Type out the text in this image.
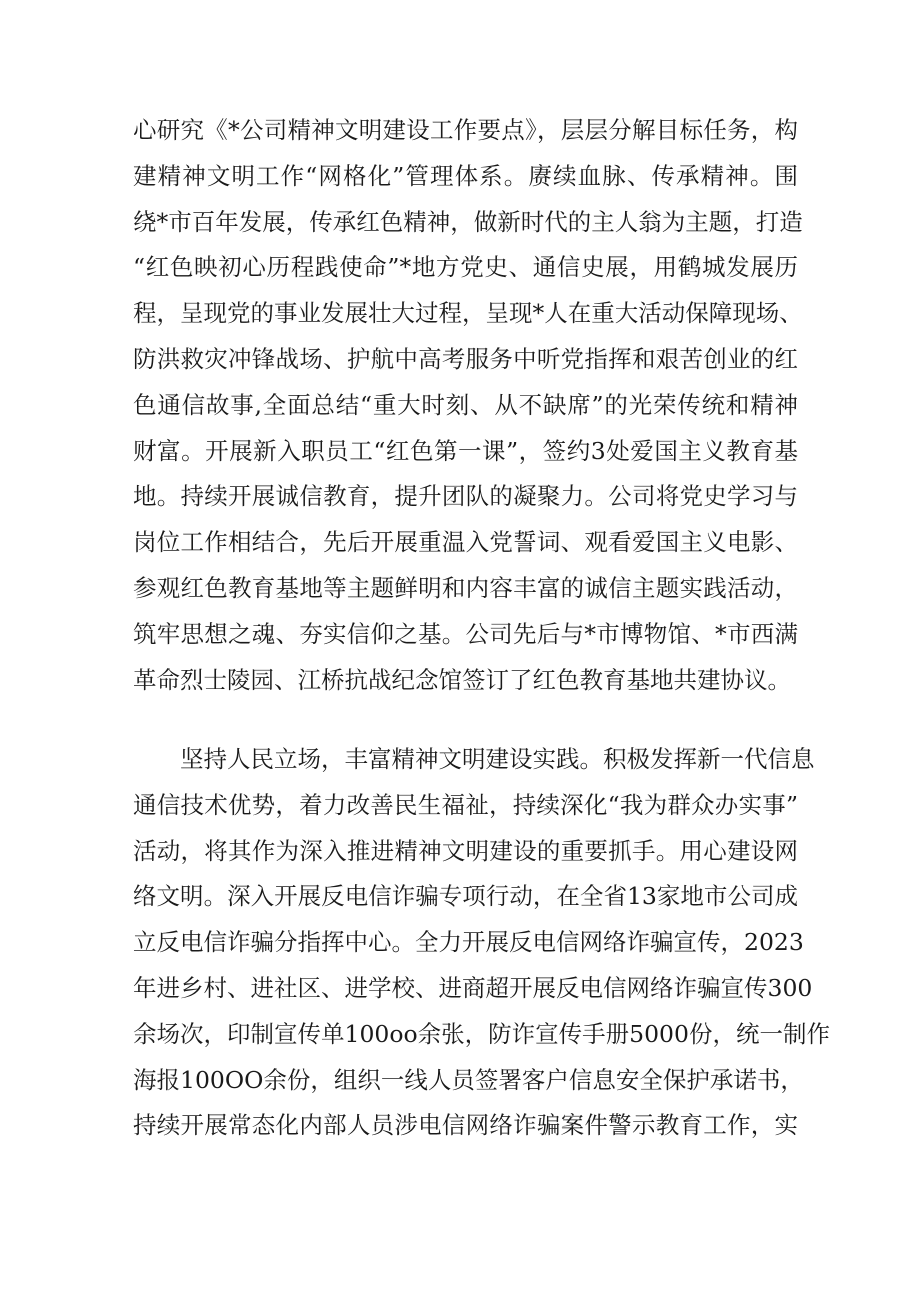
心研究《*公司精神文明建设工作要点》，层层分解目标任务，构
建精神文明工作“网格化”管理体系。赓续血脉、传承精神。围
绕*市百年发展，传承红色精神，做新时代的主人翁为主题，打造
“红色映初心历程践使命”*地方党史、通信史展，用鹤城发展历
程，呈现党的事业发展壮大过程，呈现*人在重大活动保障现场、
防洪救灾冲锋战场、护航中高考服务中听党指挥和艰苦创业的红
色通信故事,全面总结“重大时刻、从不缺席”的光荣传统和精神
财富。开展新入职员工“红色第一课”，签约3处爱国主义教育基
地。持续开展诚信教育，提升团队的凝聚力。公司将党史学习与
岗位工作相结合，先后开展重温入党誓词、观看爱国主义电影、
参观红色教育基地等主题鲜明和内容丰富的诚信主题实践活动，
筑牢思想之魂、夯实信仰之基。公司先后与*市博物馆、*市西满
革命烈士陵园、江桥抗战纪念馆签订了红色教育基地共建协议。
坚持人民立场，丰富精神文明建设实践。积极发挥新一代信息
通信技术优势，着力改善民生福祉，持续深化“我为群众办实事”
活动，将其作为深入推进精神文明建设的重要抓手。用心建设网
络文明。深入开展反电信诈骗专项行动，在全省13家地市公司成
立反电信诈骗分指挥中心。全力开展反电信网络诈骗宣传，2023
年进乡村、进社区、进学校、进商超开展反电信网络诈骗宣传300
余场次，印制宣传单100oo余张，防诈宣传手册5000份，统一制作
海报100OO余份，组织一线人员签署客户信息安全保护承诺书，
持续开展常态化内部人员涉电信网络诈骗案件警示教育工作，实
